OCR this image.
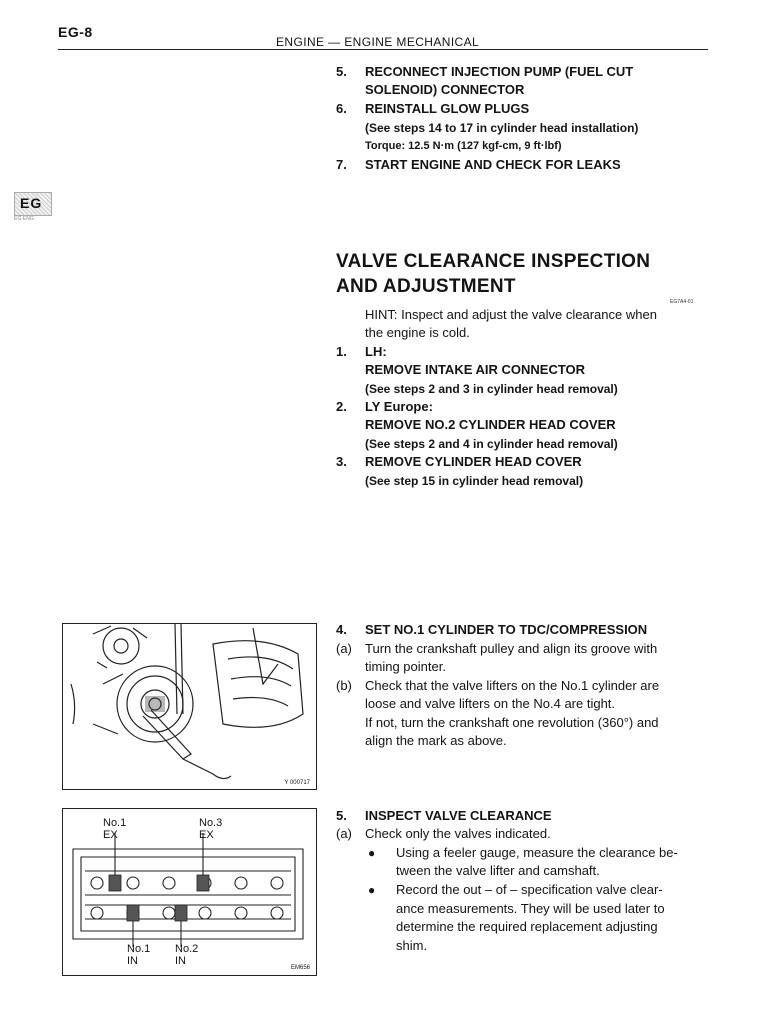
EG-8
ENGINE — ENGINE MECHANICAL
EG
EG·ENG
5. RECONNECT INJECTION PUMP (FUEL CUT
SOLENOID) CONNECTOR
6. REINSTALL GLOW PLUGS
(See steps 14 to 17 in cylinder head installation)
Torque: 12.5 N·m (127 kgf-cm, 9 ft·lbf)
7. START ENGINE AND CHECK FOR LEAKS
VALVE CLEARANCE INSPECTION
AND ADJUSTMENT
EG7A4-01
HINT: Inspect and adjust the valve clearance when
the engine is cold.
1. LH:
REMOVE INTAKE AIR CONNECTOR
(See steps 2 and 3 in cylinder head removal)
2. LY Europe:
REMOVE NO.2 CYLINDER HEAD COVER
(See steps 2 and 4 in cylinder head removal)
3. REMOVE CYLINDER HEAD COVER
(See step 15 in cylinder head removal)
Y 000717
4. SET NO.1 CYLINDER TO TDC/COMPRESSION
(a) Turn the crankshaft pulley and align its groove with
timing pointer.
(b) Check that the valve lifters on the No.1 cylinder are
loose and valve lifters on the No.4 are tight.
If not, turn the crankshaft one revolution (360°) and
align the mark as above.
No.1
EX
No.3
EX
No.1
IN
No.2
IN
EM656
5. INSPECT VALVE CLEARANCE
(a) Check only the valves indicated.
● Using a feeler gauge, measure the clearance be-
tween the valve lifter and camshaft.
● Record the out – of – specification valve clear-
ance measurements. They will be used later to
determine the required replacement adjusting
shim.
